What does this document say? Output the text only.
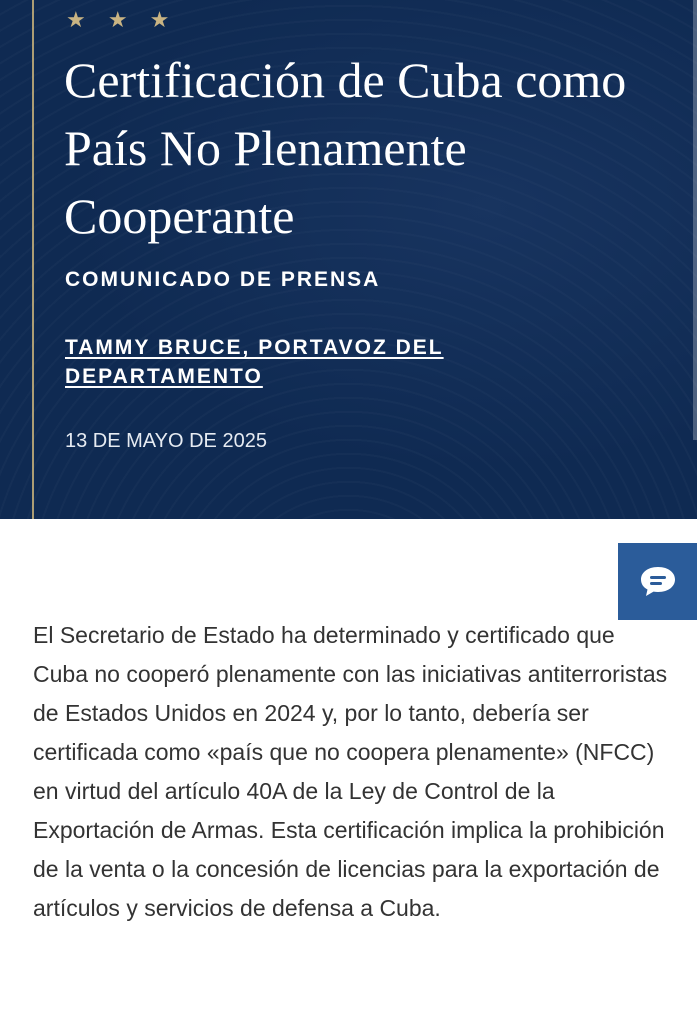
★ ★ ★
Certificación de Cuba como País No Plenamente Cooperante
COMUNICADO DE PRENSA
TAMMY BRUCE, PORTAVOZ DEL DEPARTAMENTO
13 DE MAYO DE 2025

El Secretario de Estado ha determinado y certificado que Cuba no cooperó plenamente con las iniciativas antiterroristas de Estados Unidos en 2024 y, por lo tanto, debería ser certificada como «país que no coopera plenamente» (NFCC) en virtud del artículo 40A de la Ley de Control de la Exportación de Armas. Esta certificación implica la prohibición de la venta o la concesión de licencias para la exportación de artículos y servicios de defensa a Cuba.
